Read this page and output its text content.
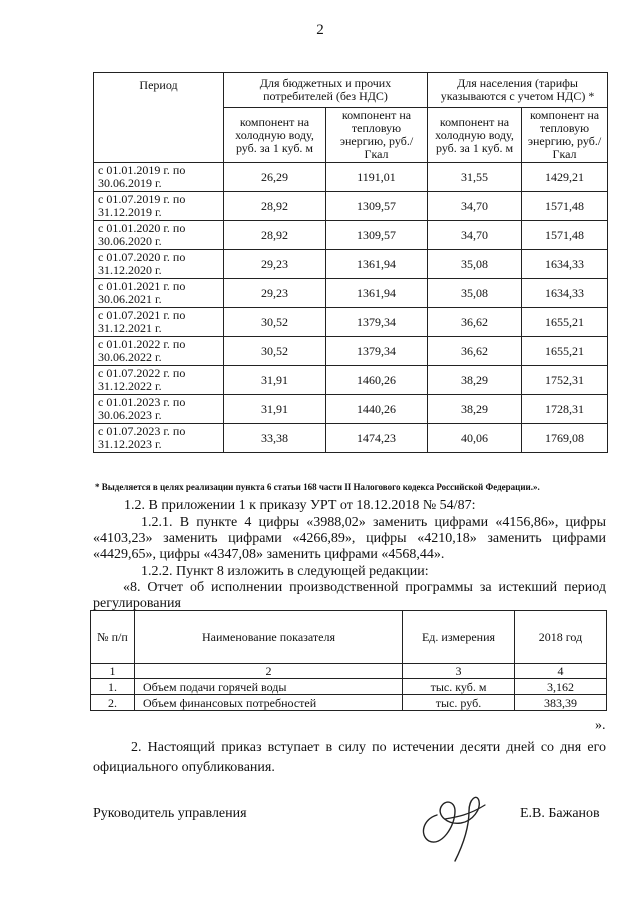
2
Период	Для бюджетных и прочих потребителей (без НДС)		Для населения (тарифы указываются с учетом НДС) *	
	компонент на холодную воду, руб. за 1 куб. м	компонент на тепловую энергию, руб./Гкал	компонент на холодную воду, руб. за 1 куб. м	компонент на тепловую энергию, руб./Гкал

с 01.01.2019 г. по
30.06.2019 г.	26,29	1191,01	31,55	1429,21

с 01.07.2019 г. по
31.12.2019 г.	28,92	1309,57	34,70	1571,48

с 01.01.2020 г. по
30.06.2020 г.	28,92	1309,57	34,70	1571,48

с 01.07.2020 г. по
31.12.2020 г.	29,23	1361,94	35,08	1634,33

с 01.01.2021 г. по
30.06.2021 г.	29,23	1361,94	35,08	1634,33

с 01.07.2021 г. по
31.12.2021 г.	30,52	1379,34	36,62	1655,21

с 01.01.2022 г. по
30.06.2022 г.	30,52	1379,34	36,62	1655,21

с 01.07.2022 г. по
31.12.2022 г.	31,91	1460,26	38,29	1752,31

с 01.01.2023 г. по
30.06.2023 г.	31,91	1440,26	38,29	1728,31

с 01.07.2023 г. по
31.12.2023 г.	33,38	1474,23	40,06	1769,08
* Выделяется в целях реализации пункта 6 статьи 168 части II Налогового кодекса Российской Федерации.».
1.2. В приложении 1 к приказу УРТ от 18.12.2018 № 54/87:
1.2.1. В пункте 4 цифры «3988,02» заменить цифрами «4156,86», цифры «4103,23» заменить цифрами «4266,89», цифры «4210,18» заменить цифрами «4429,65», цифры «4347,08» заменить цифрами «4568,44».
1.2.2. Пункт 8 изложить в следующей редакции:
«8. Отчет об исполнении производственной программы за истекший период регулирования
№ п/п	Наименование показателя	Ед. измерения	2018 год
1	2	3	4
1.	Объем подачи горячей воды	тыс. куб. м	3,162
2.	Объем финансовых потребностей	тыс. руб.	383,39
».
2. Настоящий приказ вступает в силу по истечении десяти дней со дня его официального опубликования.
Руководитель управления	Е.В. Бажанов
